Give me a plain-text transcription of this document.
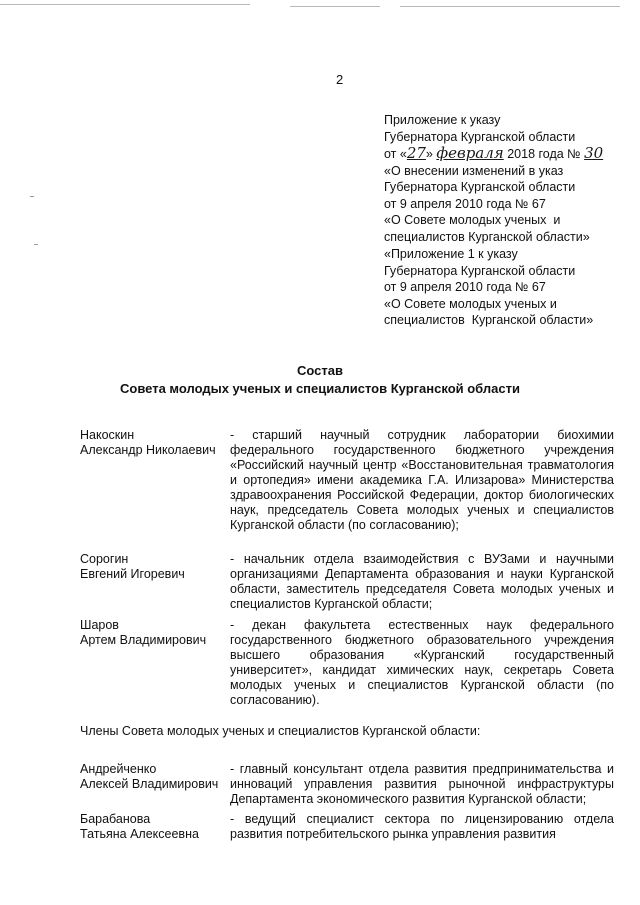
2
Приложение к указу
Губернатора Курганской области
от «27» февраля 2018 года № 30
«О внесении изменений в указ
Губернатора Курганской области
от 9 апреля 2010 года № 67
«О Совете молодых ученых  и
специалистов Курганской области»
«Приложение 1 к указу
Губернатора Курганской области
от 9 апреля 2010 года № 67
«О Совете молодых ученых и
специалистов  Курганской области»
Состав
Совета молодых ученых и специалистов Курганской области
Накоскин
Александр Николаевич
- старший научный сотрудник лаборатории биохимии федерального государственного бюджетного учреждения «Российский научный центр «Восстановительная травматология и ортопедия» имени академика Г.А. Илизарова» Министерства здравоохранения Российской Федерации, доктор биологических наук, председатель Совета молодых ученых и специалистов Курганской области (по согласованию);
Сорогин
Евгений Игоревич
- начальник отдела взаимодействия с ВУЗами и научными организациями Департамента образования и науки Курганской области, заместитель председателя Совета молодых ученых и специалистов Курганской области;
Шаров
Артем Владимирович
- декан факультета естественных наук федерального государственного бюджетного образовательного учреждения высшего образования «Курганский государственный университет», кандидат химических наук, секретарь Совета молодых ученых и специалистов Курганской области (по согласованию).
Члены Совета молодых ученых и специалистов Курганской области:
Андрейченко
Алексей Владимирович
- главный консультант отдела развития предпринимательства и инноваций управления развития рыночной инфраструктуры Департамента экономического развития Курганской области;
Барабанова
Татьяна Алексеевна
- ведущий специалист сектора по лицензированию отдела развития потребительского рынка управления развития
